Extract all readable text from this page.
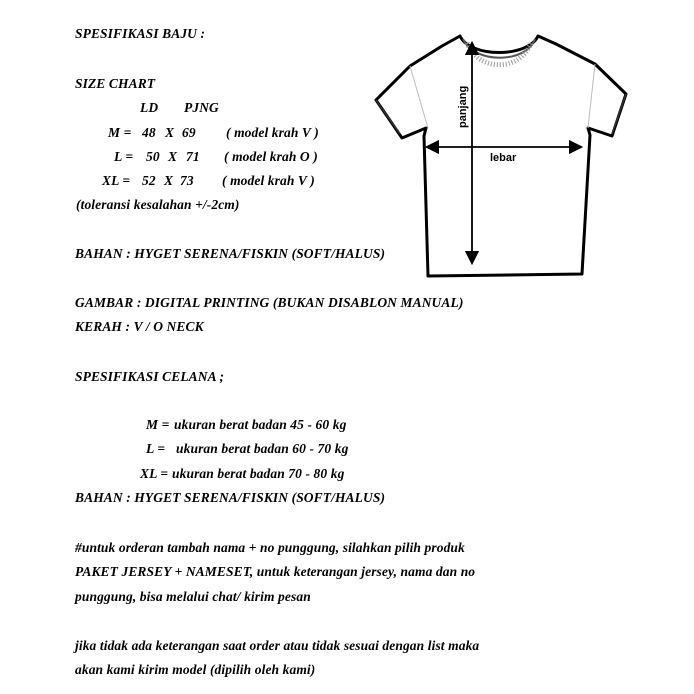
SPESIFIKASI BAJU :
SIZE CHART
LD PJNG
M = 48 X 69 ( model krah V )
L = 50 X 71 ( model krah O )
XL = 52 X 73 ( model krah V )
(toleransi kesalahan +/-2cm)
BAHAN : HYGET SERENA/FISKIN (SOFT/HALUS)
GAMBAR : DIGITAL PRINTING (BUKAN DISABLON MANUAL)
KERAH : V / O NECK
panjang
lebar
SPESIFIKASI CELANA ;
M = ukuran berat badan 45 - 60 kg
L = ukuran berat badan 60 - 70 kg
XL = ukuran berat badan 70 - 80 kg
BAHAN : HYGET SERENA/FISKIN (SOFT/HALUS)
#untuk orderan tambah nama + no punggung, silahkan pilih produk
PAKET JERSEY + NAMESET, untuk keterangan jersey, nama dan no
punggung, bisa melalui chat/ kirim pesan
jika tidak ada keterangan saat order atau tidak sesuai dengan list maka
akan kami kirim model (dipilih oleh kami)
